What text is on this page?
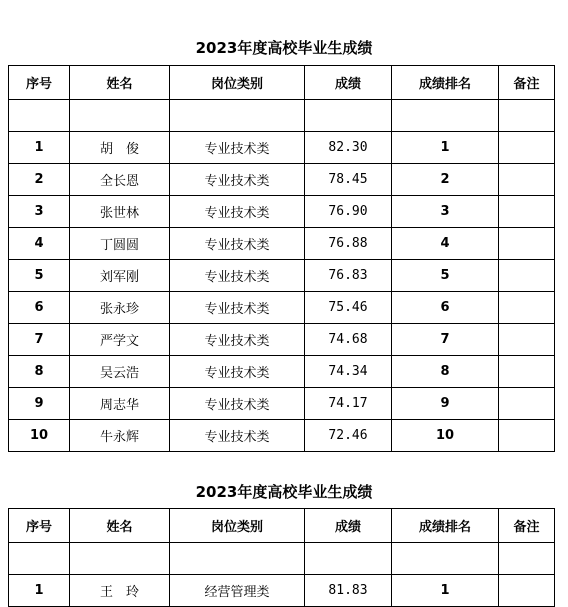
2023年度高校毕业生成绩
序号	姓名	岗位类别	成绩	成绩排名	备注

1	胡　俊	专业技术类	82.30	1	
2	全长恩	专业技术类	78.45	2	
3	张世林	专业技术类	76.90	3	
4	丁圆圆	专业技术类	76.88	4	
5	刘军刚	专业技术类	76.83	5	
6	张永珍	专业技术类	75.46	6	
7	严学文	专业技术类	74.68	7	
8	吴云浩	专业技术类	74.34	8	
9	周志华	专业技术类	74.17	9	
10	牛永辉	专业技术类	72.46	10	
2023年度高校毕业生成绩
序号	姓名	岗位类别	成绩	成绩排名	备注

1	王　玲	经营管理类	81.83	1	
